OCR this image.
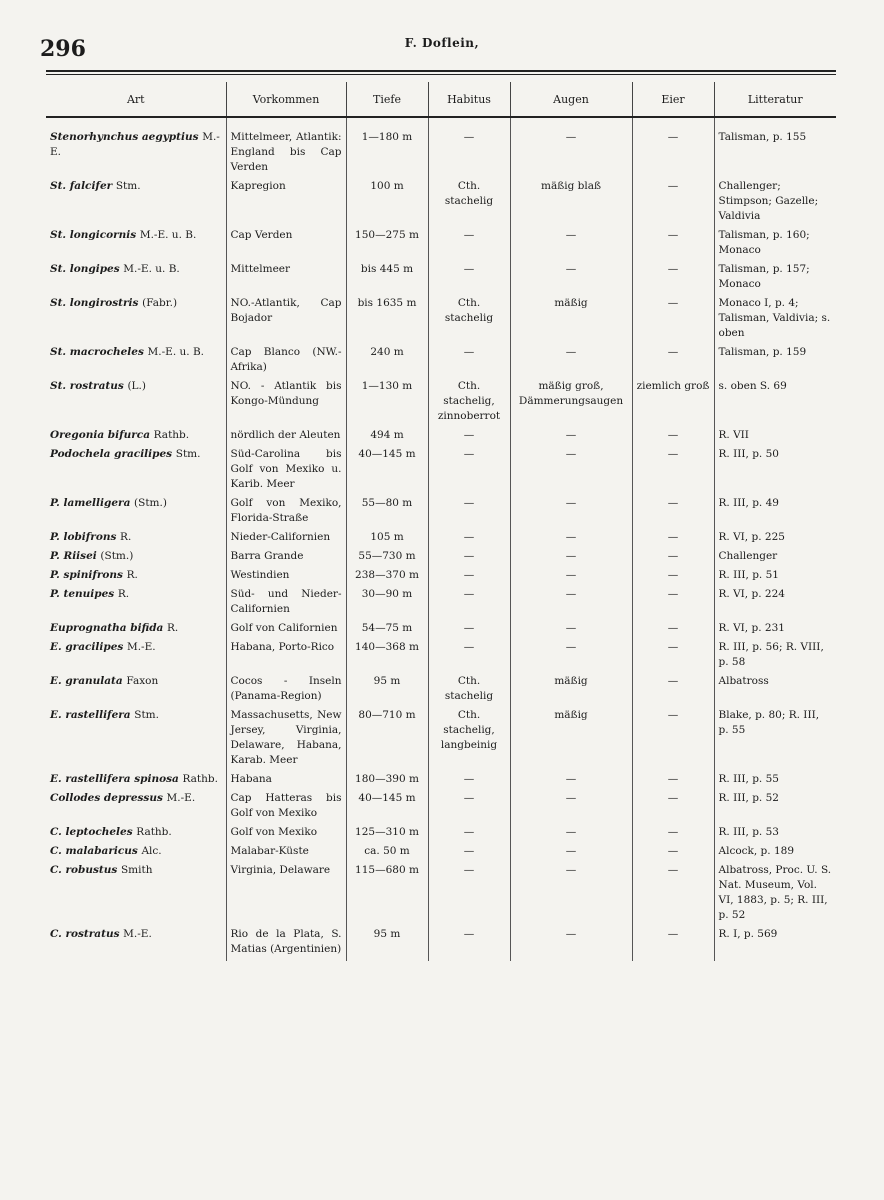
296	F. Doflein,
Art	Vorkommen	Tiefe	Habitus	Augen	Eier	Litteratur
Stenorhynchus aegyptius M.-E.	Mittelmeer, Atlantik: England bis Cap Verden	1—180 m	—	—	—	Talisman, p. 155
St. falcifer Stm.	Kapregion	100 m	Cth. stachelig	mäßig blaß	—	Challenger; Stimpson; Gazelle; Valdivia
St. longicornis M.-E. u. B.	Cap Verden	150—275 m	—	—	—	Talisman, p. 160; Monaco
St. longipes M.-E. u. B.	Mittelmeer	bis 445 m	—	—	—	Talisman, p. 157; Monaco
St. longirostris (Fabr.)	NO.-Atlantik, Cap Bojador	bis 1635 m	Cth. stachelig	mäßig	—	Monaco I, p. 4; Talisman, Valdivia; s. oben
St. macrocheles M.-E. u. B.	Cap Blanco (NW.-Afrika)	240 m	—	—	—	Talisman, p. 159
St. rostratus (L.)	NO. - Atlantik bis Kongo-Mündung	1—130 m	Cth. stachelig, zinnoberrot	mäßig groß, Dämmerungsaugen	ziemlich groß	s. oben S. 69
Oregonia bifurca Rathb.	nördlich der Aleuten	494 m	—	—	—	R. VII
Podochela gracilipes Stm.	Süd-Carolina bis Golf von Mexiko u. Karib. Meer	40—145 m	—	—	—	R. III, p. 50
P. lamelligera (Stm.)	Golf von Mexiko, Florida-Straße	55—80 m	—	—	—	R. III, p. 49
P. lobifrons R.	Nieder-Californien	105 m	—	—	—	R. VI, p. 225
P. Riisei (Stm.)	Barra Grande	55—730 m	—	—	—	Challenger
P. spinifrons R.	Westindien	238—370 m	—	—	—	R. III, p. 51
P. tenuipes R.	Süd- und Nieder-Californien	30—90 m	—	—	—	R. VI, p. 224
Euprognatha bifida R.	Golf von Californien	54—75 m	—	—	—	R. VI, p. 231
E. gracilipes M.-E.	Habana, Porto-Rico	140—368 m	—	—	—	R. III, p. 56; R. VIII, p. 58
E. granulata Faxon	Cocos - Inseln (Panama-Region)	95 m	Cth. stachelig	mäßig	—	Albatross
E. rastellifera Stm.	Massachusetts, New Jersey, Virginia, Delaware, Habana, Karab. Meer	80—710 m	Cth. stachelig, langbeinig	mäßig	—	Blake, p. 80; R. III, p. 55
E. rastellifera spinosa Rathb.	Habana	180—390 m	—	—	—	R. III, p. 55
Collodes depressus M.-E.	Cap Hatteras bis Golf von Mexiko	40—145 m	—	—	—	R. III, p. 52
C. leptocheles Rathb.	Golf von Mexiko	125—310 m	—	—	—	R. III, p. 53
C. malabaricus Alc.	Malabar-Küste	ca. 50 m	—	—	—	Alcock, p. 189
C. robustus Smith	Virginia, Delaware	115—680 m	—	—	—	Albatross, Proc. U. S. Nat. Museum, Vol. VI, 1883, p. 5; R. III, p. 52
C. rostratus M.-E.	Rio de la Plata, S. Matias (Argentinien)	95 m	—	—	—	R. I, p. 569
